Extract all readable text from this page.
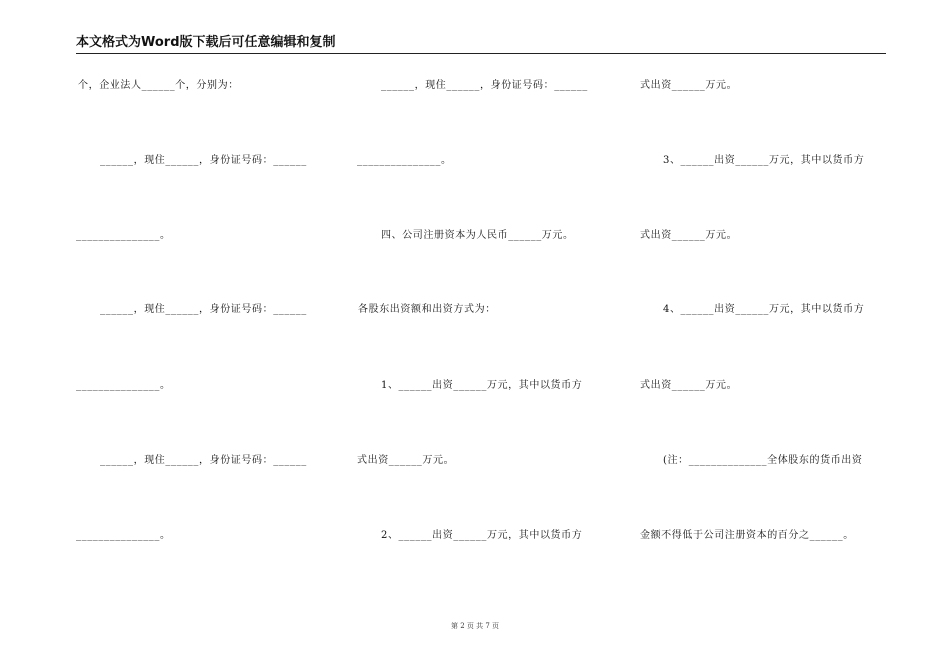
本文格式为Word版下载后可任意编辑和复制
个，企业法人______个，分别为：
______，现住______，身份证号码：______
_______________。
______，现住______，身份证号码：______
_______________。
______，现住______，身份证号码：______
_______________。
______，现住______，身份证号码：______
_______________。
四、公司注册资本为人民币______万元。
各股东出资额和出资方式为：
1、______出资______万元，其中以货币方
式出资______万元。
2、______出资______万元，其中以货币方
式出资______万元。
3、______出资______万元，其中以货币方
式出资______万元。
4、______出资______万元，其中以货币方
式出资______万元。
(注：______________全体股东的货币出资
金额不得低于公司注册资本的百分之______。
第 2 页 共 7 页
